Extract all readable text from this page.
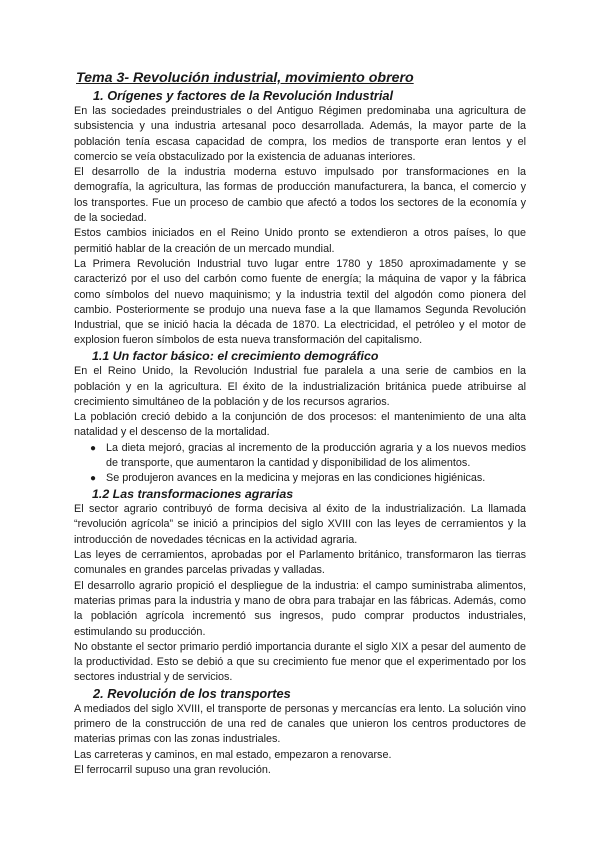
Tema 3- Revolución industrial, movimiento obrero
1. Orígenes y factores de la Revolución Industrial

En las sociedades preindustriales o del Antiguo Régimen predominaba una agricultura de subsistencia y una industria artesanal poco desarrollada. Además, la mayor parte de la población tenía escasa capacidad de compra, los medios de transporte eran lentos y el comercio se veía obstaculizado por la existencia de aduanas interiores.

El desarrollo de la industria moderna estuvo impulsado por transformaciones en la demografía, la agricultura, las formas de producción manufacturera, la banca, el comercio y los transportes. Fue un proceso de cambio que afectó a todos los sectores de la economía y de la sociedad.

Estos cambios iniciados en el Reino Unido pronto se extendieron a otros países, lo que permitió hablar de la creación de un mercado mundial.

La Primera Revolución Industrial tuvo lugar entre 1780 y 1850 aproximadamente y se caracterizó por el uso del carbón como fuente de energía; la máquina de vapor y la fábrica como símbolos del nuevo maquinismo; y la industria textil del algodón como pionera del cambio. Posteriormente se produjo una nueva fase a la que llamamos Segunda Revolución Industrial, que se inició hacia la década de 1870. La electricidad, el petróleo y el motor de explosion fueron símbolos de esta nueva transformación del capitalismo.

1.1 Un factor básico: el crecimiento demográfico

En el Reino Unido, la Revolución Industrial fue paralela a una serie de cambios en la población y en la agricultura. El éxito de la industrialización británica puede atribuirse al crecimiento simultáneo de la población y de los recursos agrarios.

La población creció debido a la conjunción de dos procesos: el mantenimiento de una alta natalidad y el descenso de la mortalidad.

● La dieta mejoró, gracias al incremento de la producción agraria y a los nuevos medios de transporte, que aumentaron la cantidad y disponibilidad de los alimentos.
● Se produjeron avances en la medicina y mejoras en las condiciones higiénicas.
1.2 Las transformaciones agrarias

El sector agrario contribuyó de forma decisiva al éxito de la industrialización. La llamada “revolución agrícola” se inició a principios del siglo XVIII con las leyes de cerramientos y la introducción de novedades técnicas en la actividad agraria.

Las leyes de cerramientos, aprobadas por el Parlamento británico, transformaron las tierras comunales en grandes parcelas privadas y valladas.

El desarrollo agrario propició el despliegue de la industria: el campo suministraba alimentos, materias primas para la industria y mano de obra para trabajar en las fábricas. Además, como la población agrícola incrementó sus ingresos, pudo comprar productos industriales, estimulando su producción.

No obstante el sector primario perdió importancia durante el siglo XIX a pesar del aumento de la productividad. Esto se debió a que su crecimiento fue menor que el experimentado por los sectores industrial y de servicios.

2. Revolución de los transportes

A mediados del siglo XVIII, el transporte de personas y mercancías era lento. La solución vino primero de la construcción de una red de canales que unieron los centros productores de materias primas con las zonas industriales.

Las carreteras y caminos, en mal estado, empezaron a renovarse.

El ferrocarril supuso una gran revolución.
